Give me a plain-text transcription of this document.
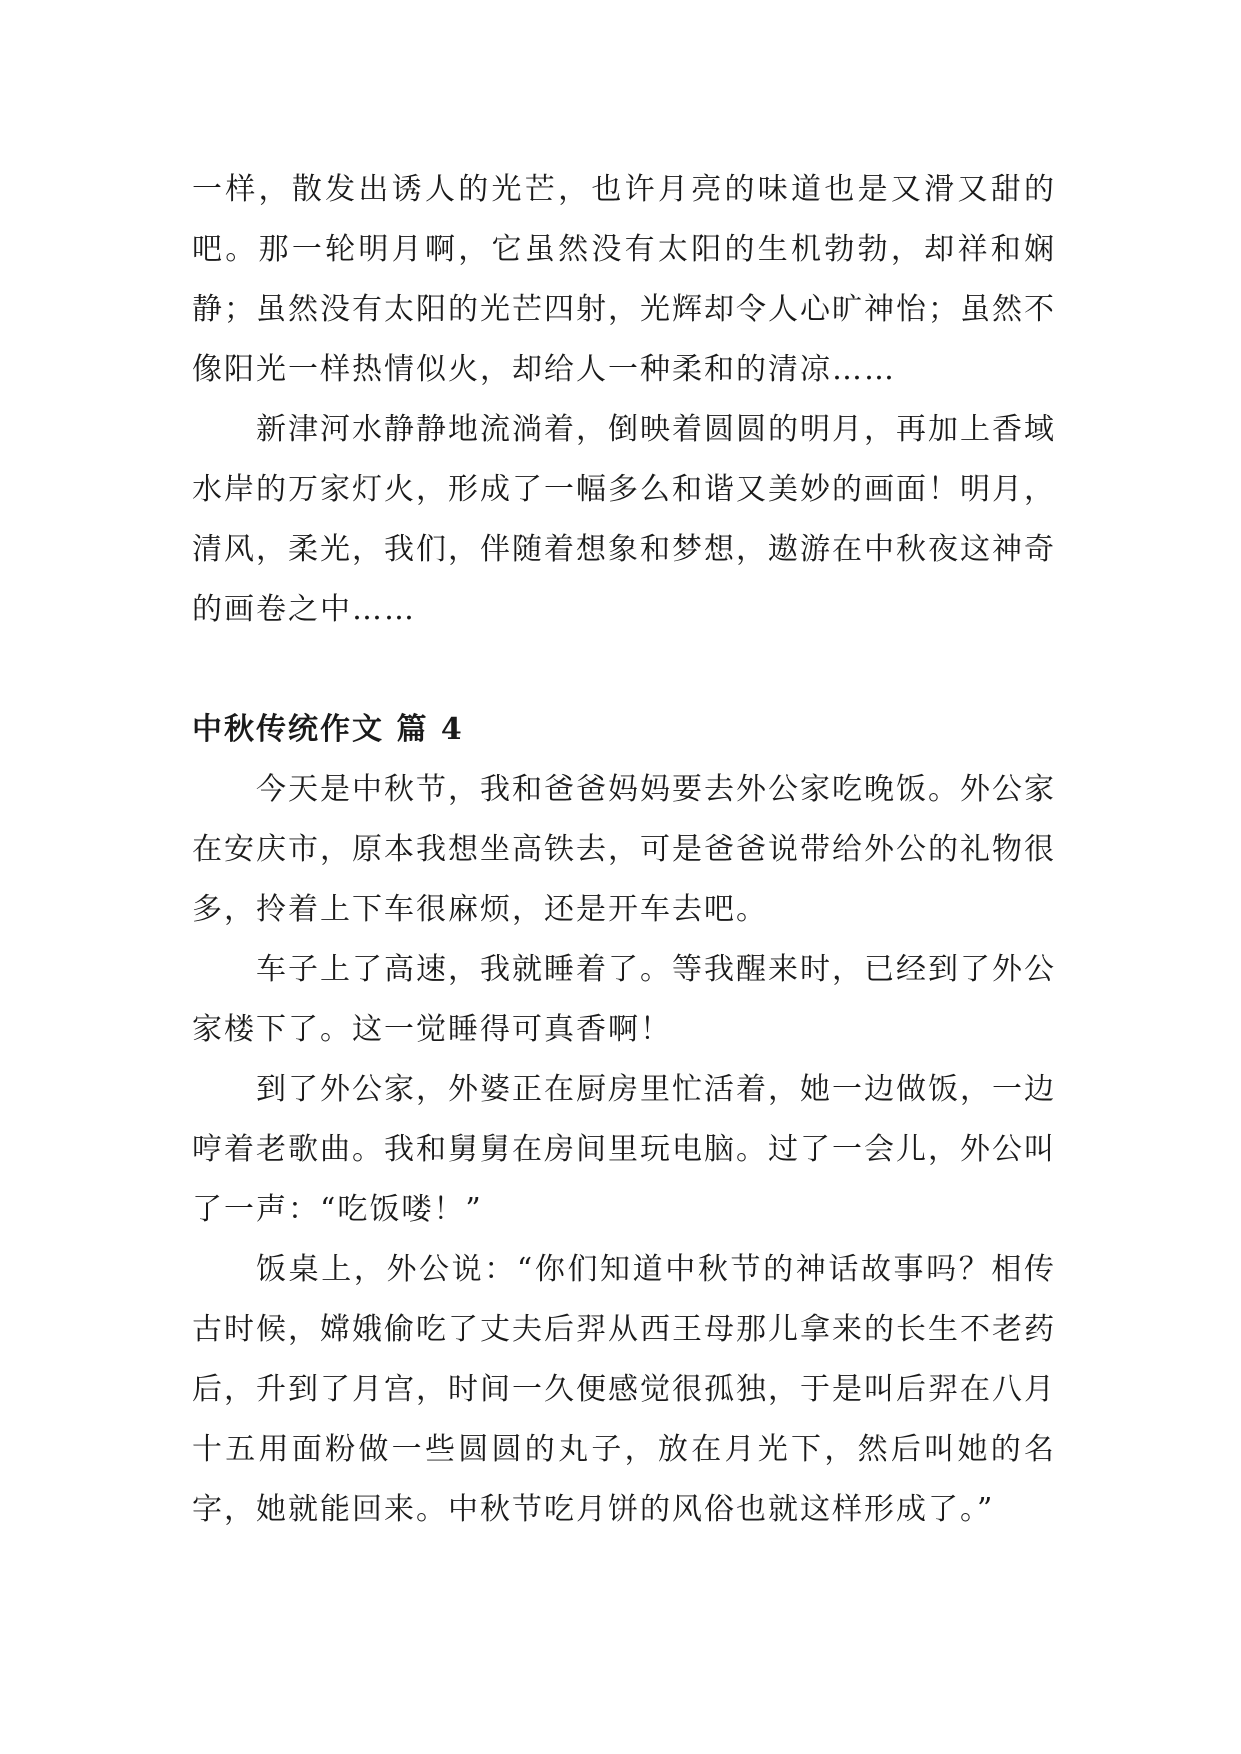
一样，散发出诱人的光芒，也许月亮的味道也是又滑又甜的吧。那一轮明月啊，它虽然没有太阳的生机勃勃，却祥和娴静；虽然没有太阳的光芒四射，光辉却令人心旷神怡；虽然不像阳光一样热情似火，却给人一种柔和的清凉……

新津河水静静地流淌着，倒映着圆圆的明月，再加上香域水岸的万家灯火，形成了一幅多么和谐又美妙的画面！明月，清风，柔光，我们，伴随着想象和梦想，遨游在中秋夜这神奇的画卷之中……

中秋传统作文 篇 4

今天是中秋节，我和爸爸妈妈要去外公家吃晚饭。外公家在安庆市，原本我想坐高铁去，可是爸爸说带给外公的礼物很多，拎着上下车很麻烦，还是开车去吧。

车子上了高速，我就睡着了。等我醒来时，已经到了外公家楼下了。这一觉睡得可真香啊！

到了外公家，外婆正在厨房里忙活着，她一边做饭，一边哼着老歌曲。我和舅舅在房间里玩电脑。过了一会儿，外公叫了一声：“吃饭喽！”

饭桌上，外公说：“你们知道中秋节的神话故事吗？相传古时候，嫦娥偷吃了丈夫后羿从西王母那儿拿来的长生不老药后，升到了月宫，时间一久便感觉很孤独，于是叫后羿在八月十五用面粉做一些圆圆的丸子，放在月光下，然后叫她的名字，她就能回来。中秋节吃月饼的风俗也就这样形成了。”
